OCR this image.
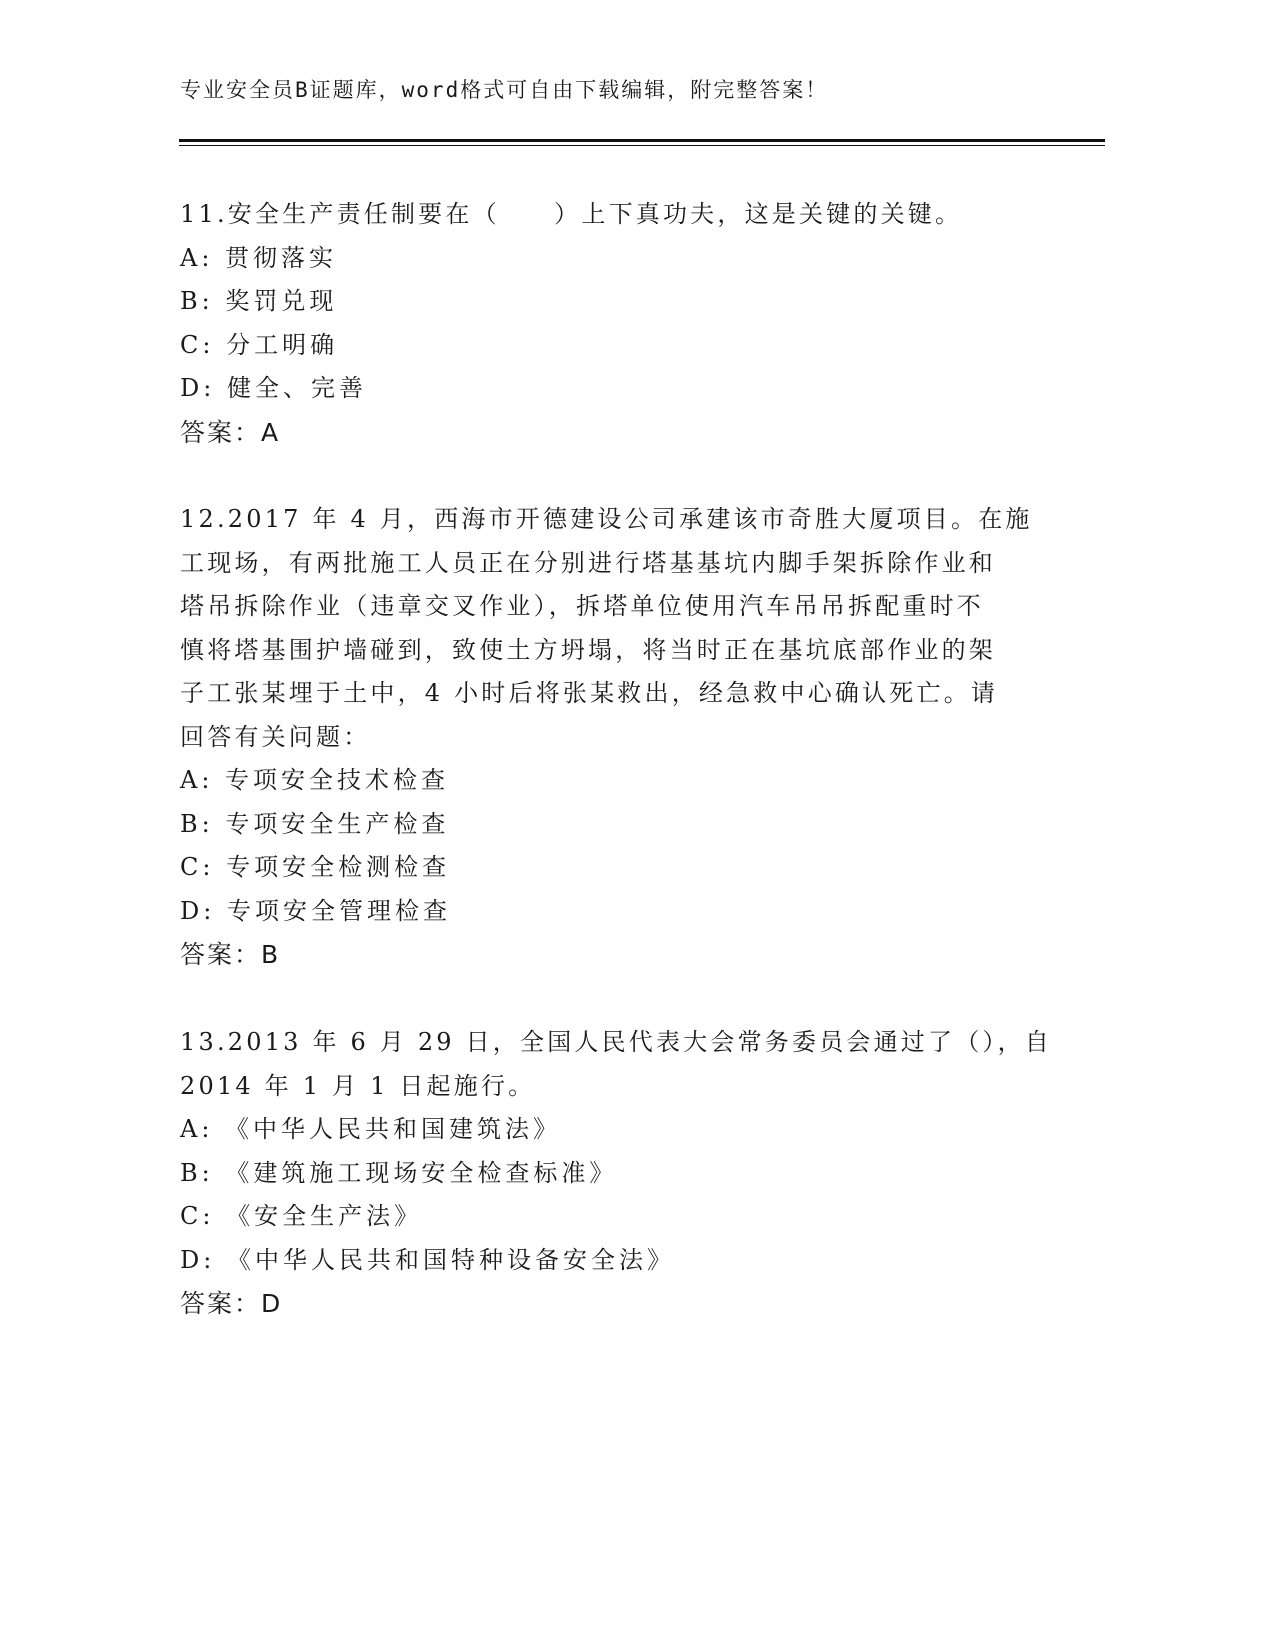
专业安全员B证题库，word格式可自由下载编辑，附完整答案！
11.安全生产责任制要在（　　）上下真功夫，这是关键的关键。
A: 贯彻落实
B: 奖罚兑现
C: 分工明确
D: 健全、完善
答案：A
12.2017 年 4 月，西海市开德建设公司承建该市奇胜大厦项目。在施
工现场，有两批施工人员正在分别进行塔基基坑内脚手架拆除作业和
塔吊拆除作业（违章交叉作业），拆塔单位使用汽车吊吊拆配重时不
慎将塔基围护墙碰到，致使土方坍塌，将当时正在基坑底部作业的架
子工张某埋于土中，4 小时后将张某救出，经急救中心确认死亡。请
回答有关问题：
A: 专项安全技术检查
B: 专项安全生产检查
C: 专项安全检测检查
D: 专项安全管理检查
答案：B
13.2013 年 6 月 29 日，全国人民代表大会常务委员会通过了（），自
2014 年 1 月 1 日起施行。
A: 《中华人民共和国建筑法》
B: 《建筑施工现场安全检查标准》
C: 《安全生产法》
D: 《中华人民共和国特种设备安全法》
答案：D
